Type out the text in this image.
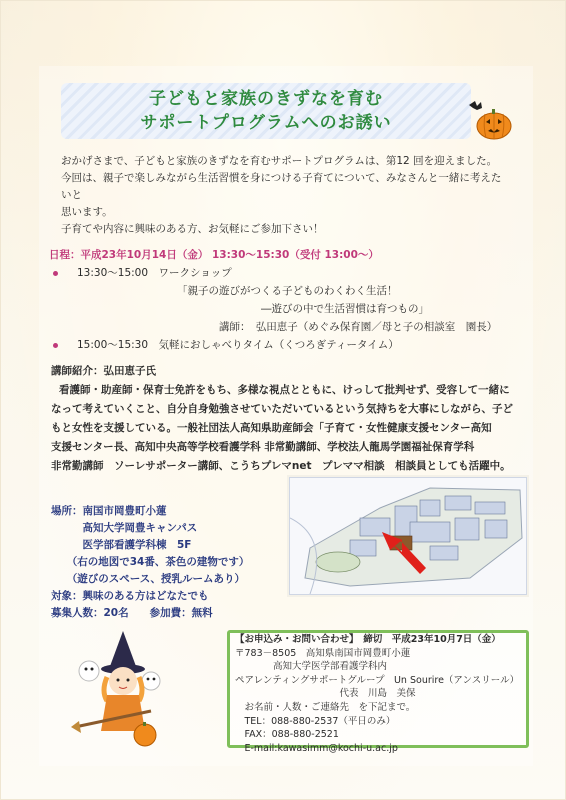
子どもと家族のきずなを育む
サポートプログラムへのお誘い

おかげさまで、子どもと家族のきずなを育むサポートプログラムは、第12 回を迎えました。

今回は、親子で楽しみながら生活習慣を身につける子育てについて、みなさんと一緒に考えたいと

思います。

子育てや内容に興味のある方、お気軽にご参加下さい！

日程：平成23年10月14日（金） 13:30～15:30（受付 13:00～）
13:30～15:00　ワークショップ
「親子の遊びがつくる子どものわくわく生活！
―遊びの中で生活習慣は育つもの」
講師：　弘田恵子（めぐみ保育園／母と子の相談室　園長）
15:00～15:30　気軽におしゃべりタイム（くつろぎティータイム）
講師紹介：弘田恵子氏
看護師・助産師・保育士免許をもち、多様な視点とともに、けっして批判せず、受容して一緒に
なって考えていくこと、自分自身勉強させていただいているという気持ちを大事にしながら、子ど
もと女性を支援している。一般社団法人高知県助産師会「子育て・女性健康支援センター高知
支援センター長、高知中央高等学校看護学科 非常勤講師、学校法人龍馬学園福祉保育学科
非常勤講師　ソーレサポーター講師、こうちプレマnet　プレママ相談　相談員としても活躍中。
場所：南国市岡豊町小蓮
　　　高知大学岡豊キャンパス
　　　医学部看護学科棟　5F
　　（右の地図で34番、茶色の建物です）
　　（遊びのスペース、授乳ルームあり）
対象：興味のある方はどなたでも
募集人数：20名　　参加費：無料
【お申込み・お問い合わせ】　締切　平成23年10月7日（金）
〒783－8505　高知県南国市岡豊町小蓮
　　　　高知大学医学部看護学科内
ペアレンティングサポートグループ　Un Sourire（アンスリール）
　　　　　　　　　　　代表　川島　美保
　お名前・人数・ご連絡先　を下記まで。
　TEL：088-880-2537（平日のみ）
　FAX：088-880-2521
　E-mail:kawasimm@kochi-u.ac.jp
